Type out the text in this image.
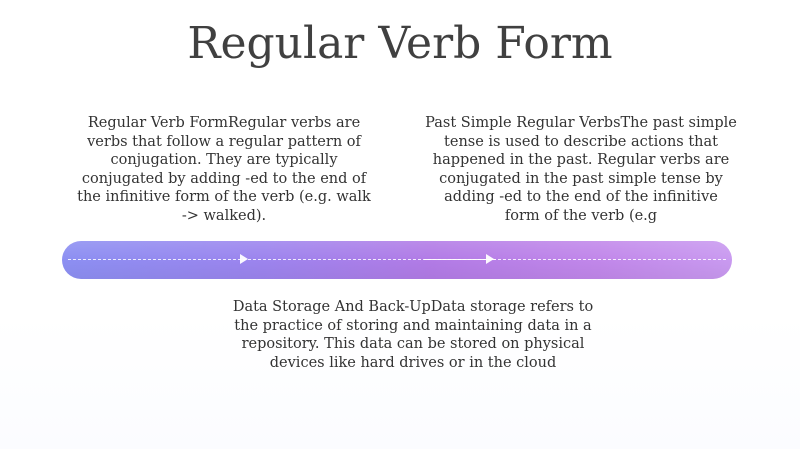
Regular Verb Form
Regular Verb FormRegular verbs are verbs that follow a regular pattern of conjugation. They are typically conjugated by adding -ed to the end of the infinitive form of the verb (e.g. walk -> walked).
Past Simple Regular VerbsThe past simple tense is used to describe actions that happened in the past. Regular verbs are conjugated in the past simple tense by adding -ed to the end of the infinitive form of the verb (e.g
Data Storage And Back-UpData storage refers to the practice of storing and maintaining data in a repository. This data can be stored on physical devices like hard drives or in the cloud
